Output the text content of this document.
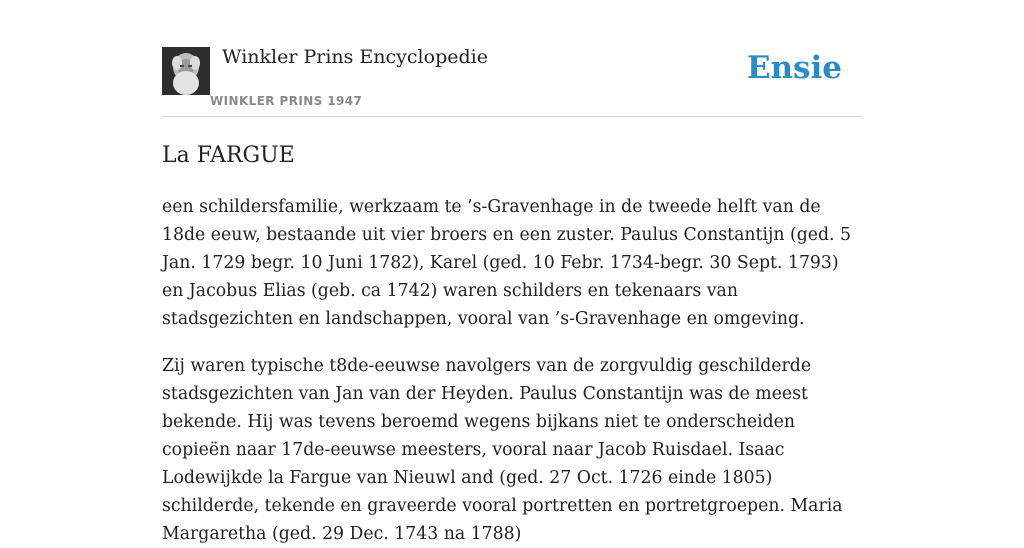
Winkler Prins Encyclopedie
WINKLER PRINS 1947
Ensie
La FARGUE

een schildersfamilie, werkzaam te ’s-Gravenhage in de tweede helft van de 18de eeuw, bestaande uit vier broers en een zuster. Paulus Constantijn (ged. 5 Jan. 1729 begr. 10 Juni 1782), Karel (ged. 10 Febr. 1734-begr. 30 Sept. 1793) en Jacobus Elias (geb. ca 1742) waren schilders en tekenaars van stadsgezichten en landschappen, vooral van ’s-Gravenhage en omgeving.

Zij waren typische t8de-eeuwse navolgers van de zorgvuldig geschilderde stadsgezichten van Jan van der Heyden. Paulus Constantijn was de meest bekende. Hij was tevens beroemd wegens bijkans niet te onderscheiden copieën naar 17de-eeuwse meesters, vooral naar Jacob Ruisdael. Isaac Lodewijkde la Fargue van Nieuwl and (ged. 27 Oct. 1726 einde 1805) schilderde, tekende en graveerde vooral portretten en portretgroepen. Maria Margaretha (ged. 29 Dec. 1743 na 1788)
